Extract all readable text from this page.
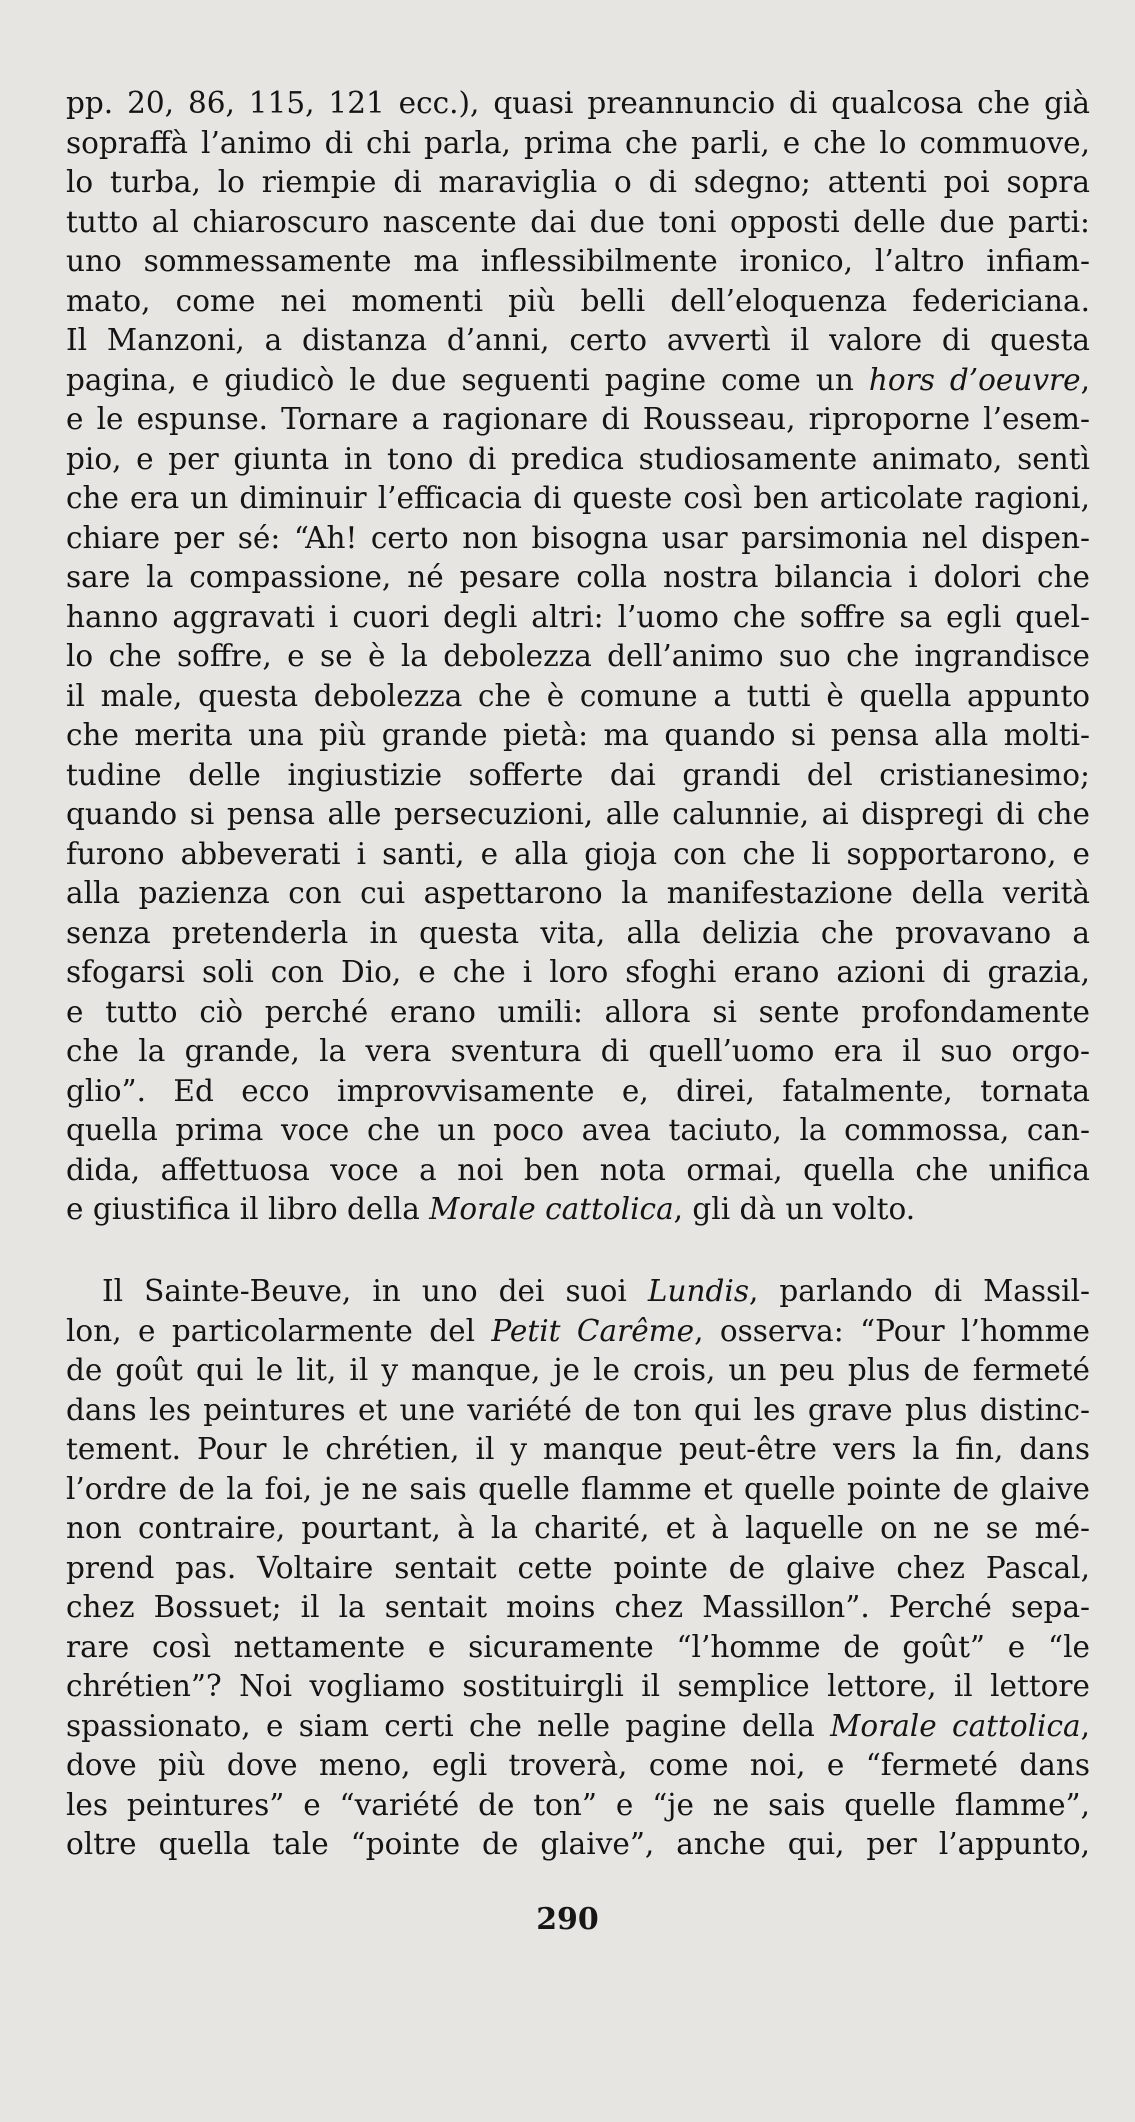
pp. 20, 86, 115, 121 ecc.), quasi preannuncio di qualcosa che già
sopraffà l’animo di chi parla, prima che parli, e che lo commuove,
lo turba, lo riempie di maraviglia o di sdegno; attenti poi sopra
tutto al chiaroscuro nascente dai due toni opposti delle due parti:
uno sommessamente ma inflessibilmente ironico, l’altro infiam-
mato, come nei momenti più belli dell’eloquenza federiciana.
Il Manzoni, a distanza d’anni, certo avvertì il valore di questa
pagina, e giudicò le due seguenti pagine come un hors d’oeuvre,
e le espunse. Tornare a ragionare di Rousseau, riproporne l’esem-
pio, e per giunta in tono di predica studiosamente animato, sentì
che era un diminuir l’efficacia di queste così ben articolate ragioni,
chiare per sé: “Ah! certo non bisogna usar parsimonia nel dispen-
sare la compassione, né pesare colla nostra bilancia i dolori che
hanno aggravati i cuori degli altri: l’uomo che soffre sa egli quel-
lo che soffre, e se è la debolezza dell’animo suo che ingrandisce
il male, questa debolezza che è comune a tutti è quella appunto
che merita una più grande pietà: ma quando si pensa alla molti-
tudine delle ingiustizie sofferte dai grandi del cristianesimo;
quando si pensa alle persecuzioni, alle calunnie, ai dispregi di che
furono abbeverati i santi, e alla gioja con che li sopportarono, e
alla pazienza con cui aspettarono la manifestazione della verità
senza pretenderla in questa vita, alla delizia che provavano a
sfogarsi soli con Dio, e che i loro sfoghi erano azioni di grazia,
e tutto ciò perché erano umili: allora si sente profondamente
che la grande, la vera sventura di quell’uomo era il suo orgo-
glio”. Ed ecco improvvisamente e, direi, fatalmente, tornata
quella prima voce che un poco avea taciuto, la commossa, can-
dida, affettuosa voce a noi ben nota ormai, quella che unifica
e giustifica il libro della Morale cattolica, gli dà un volto.
Il Sainte-Beuve, in uno dei suoi Lundis, parlando di Massil-
lon, e particolarmente del Petit Carême, osserva: “Pour l’homme
de goût qui le lit, il y manque, je le crois, un peu plus de fermeté
dans les peintures et une variété de ton qui les grave plus distinc-
tement. Pour le chrétien, il y manque peut-être vers la fin, dans
l’ordre de la foi, je ne sais quelle flamme et quelle pointe de glaive
non contraire, pourtant, à la charité, et à laquelle on ne se mé-
prend pas. Voltaire sentait cette pointe de glaive chez Pascal,
chez Bossuet; il la sentait moins chez Massillon”. Perché sepa-
rare così nettamente e sicuramente “l’homme de goût” e “le
chrétien”? Noi vogliamo sostituirgli il semplice lettore, il lettore
spassionato, e siam certi che nelle pagine della Morale cattolica,
dove più dove meno, egli troverà, come noi, e “fermeté dans
les peintures” e “variété de ton” e “je ne sais quelle flamme”,
oltre quella tale “pointe de glaive”, anche qui, per l’appunto,
290
